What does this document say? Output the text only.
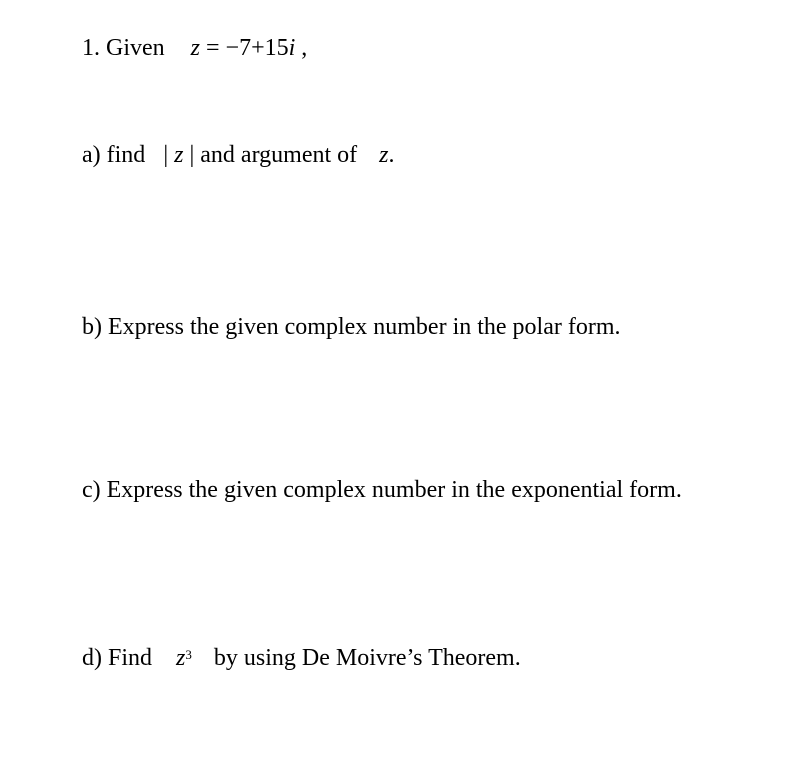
1. Given z = −7+15i ,
a) find | z | and argument of z.
b) Express the given complex number in the polar form.
c) Express the given complex number in the exponential form.
d) Find $z^3$ by using De Moivre’s Theorem.
